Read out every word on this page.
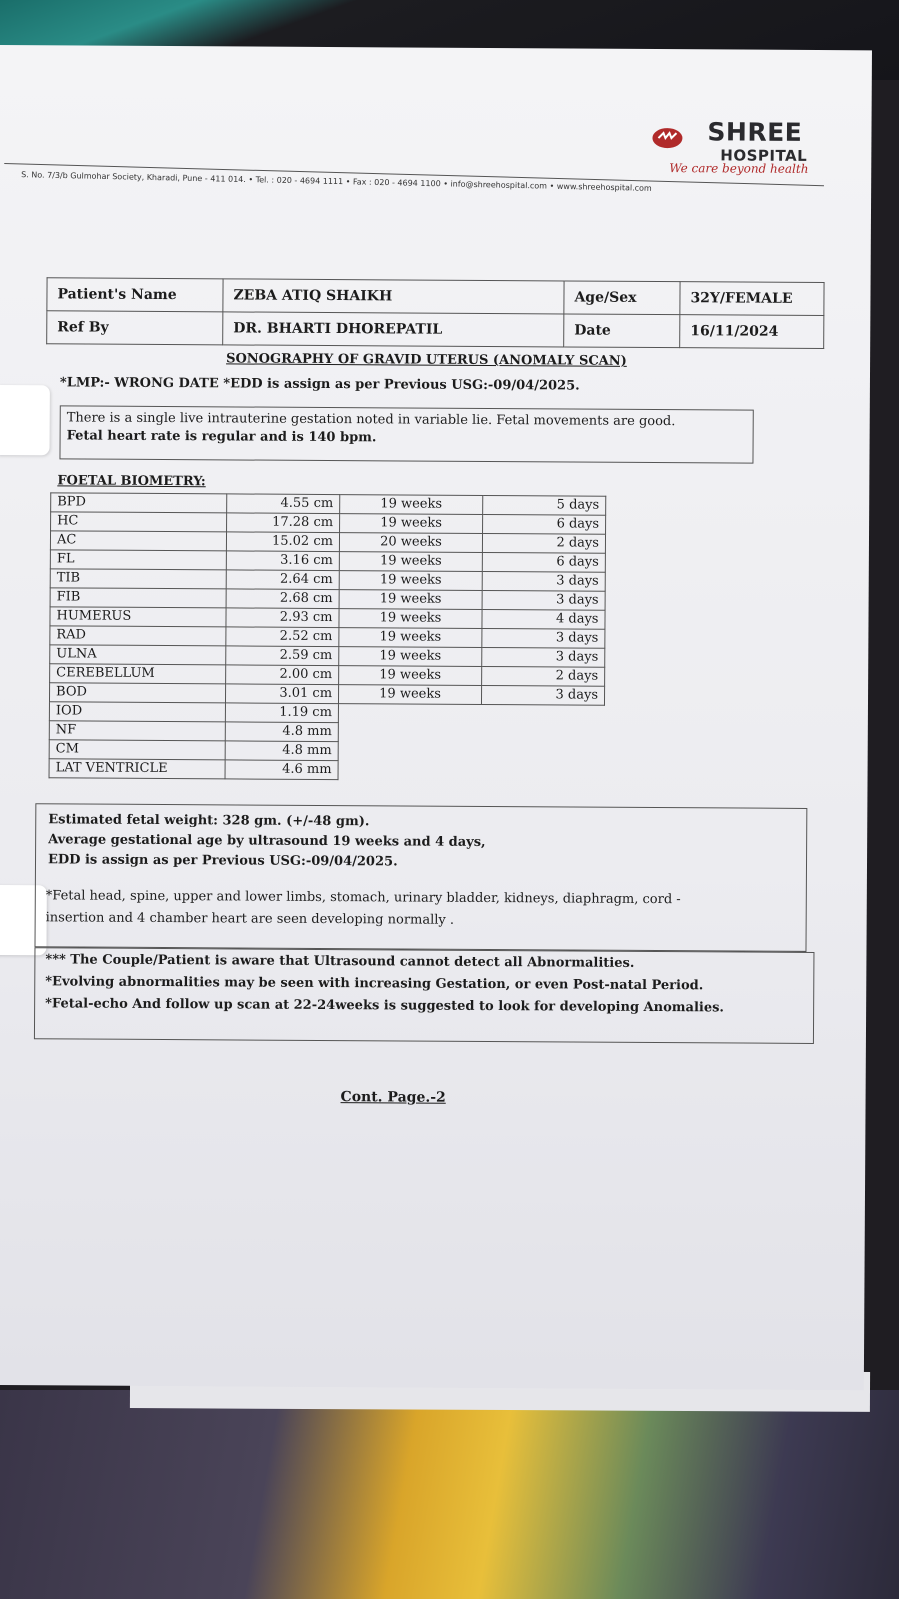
SHREE
HOSPITAL
We care beyond health
S. No. 7/3/b Gulmohar Society, Kharadi, Pune - 411 014. • Tel. : 020 - 4694 1111 • Fax : 020 - 4694 1100 • info@shreehospital.com • www.shreehospital.com
Patient's Name	ZEBA ATIQ SHAIKH	Age/Sex	32Y/FEMALE
Ref By	DR. BHARTI DHOREPATIL	Date	16/11/2024
SONOGRAPHY OF GRAVID UTERUS (ANOMALY SCAN)
*LMP:- WRONG DATE *EDD is assign as per Previous USG:-09/04/2025.
There is a single live intrauterine gestation noted in variable lie. Fetal movements are good.
Fetal heart rate is regular and is 140 bpm.
FOETAL BIOMETRY:
BPD	4.55 cm	19 weeks	5 days
HC	17.28 cm	19 weeks	6 days
AC	15.02 cm	20 weeks	2 days
FL	3.16 cm	19 weeks	6 days
TIB	2.64 cm	19 weeks	3 days
FIB	2.68 cm	19 weeks	3 days
HUMERUS	2.93 cm	19 weeks	4 days
RAD	2.52 cm	19 weeks	3 days
ULNA	2.59 cm	19 weeks	3 days
CEREBELLUM	2.00 cm	19 weeks	2 days
BOD	3.01 cm	19 weeks	3 days
IOD	1.19 cm		
NF	4.8 mm		
CM	4.8 mm		
LAT VENTRICLE	4.6 mm		
Estimated fetal weight: 328 gm. (+/-48 gm).
Average gestational age by ultrasound 19 weeks and 4 days,
EDD is assign as per Previous USG:-09/04/2025.
*Fetal head, spine, upper and lower limbs, stomach, urinary bladder, kidneys, diaphragm, cord -
insertion and 4 chamber heart are seen developing normally .
*** The Couple/Patient is aware that Ultrasound cannot detect all Abnormalities.
*Evolving abnormalities may be seen with increasing Gestation, or even Post-natal Period.
*Fetal-echo And follow up scan at 22-24weeks is suggested to look for developing Anomalies.
Cont. Page.-2
